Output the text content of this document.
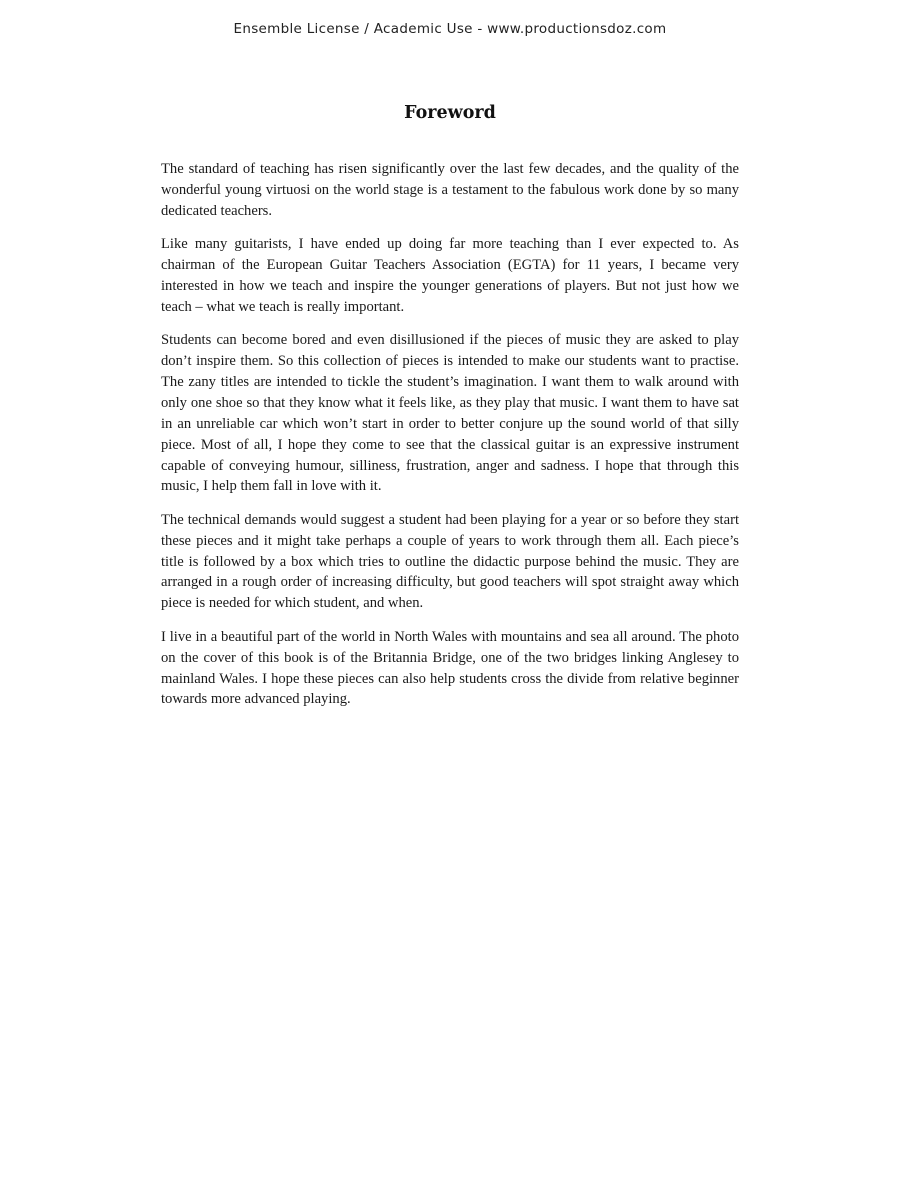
Ensemble License / Academic Use - www.productionsdoz.com
Foreword

The standard of teaching has risen significantly over the last few decades, and the quality of the wonderful young virtuosi on the world stage is a testament to the fabulous work done by so many dedicated teachers.

Like many guitarists, I have ended up doing far more teaching than I ever expected to. As chairman of the European Guitar Teachers Association (EGTA) for 11 years, I became very interested in how we teach and inspire the younger generations of players. But not just how we teach – what we teach is really important.

Students can become bored and even disillusioned if the pieces of music they are asked to play don’t inspire them. So this collection of pieces is intended to make our students want to practise. The zany titles are intended to tickle the student’s imagination. I want them to walk around with only one shoe so that they know what it feels like, as they play that music. I want them to have sat in an unreliable car which won’t start in order to better conjure up the sound world of that silly piece. Most of all, I hope they come to see that the classical guitar is an expressive instrument capable of conveying humour, silliness, frustration, anger and sadness. I hope that through this music, I help them fall in love with it.

The technical demands would suggest a student had been playing for a year or so before they start these pieces and it might take perhaps a couple of years to work through them all. Each piece’s title is followed by a box which tries to outline the didactic purpose behind the music. They are arranged in a rough order of increasing difficulty, but good teachers will spot straight away which piece is needed for which student, and when.

I live in a beautiful part of the world in North Wales with mountains and sea all around. The photo on the cover of this book is of the Britannia Bridge, one of the two bridges linking Anglesey to mainland Wales. I hope these pieces can also help students cross the divide from relative beginner towards more advanced playing.
